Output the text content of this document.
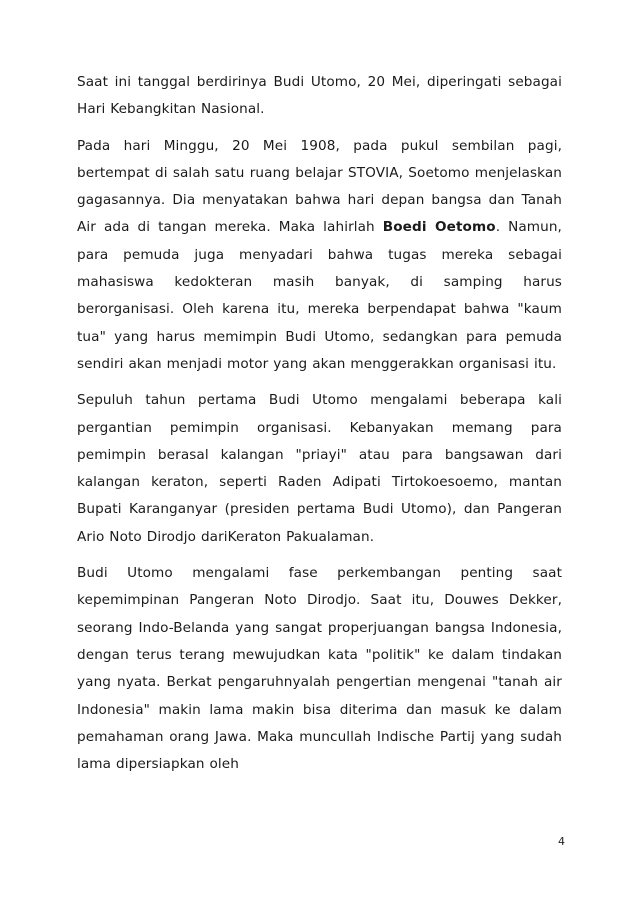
Saat ini tanggal berdirinya Budi Utomo, 20 Mei, diperingati sebagai Hari Kebangkitan Nasional.

Pada hari Minggu, 20 Mei 1908, pada pukul sembilan pagi, bertempat di salah satu ruang belajar STOVIA, Soetomo menjelaskan gagasannya. Dia menyatakan bahwa hari depan bangsa dan Tanah Air ada di tangan mereka. Maka lahirlah Boedi Oetomo. Namun, para pemuda juga menyadari bahwa tugas mereka sebagai mahasiswa kedokteran masih banyak, di samping harus berorganisasi. Oleh karena itu, mereka berpendapat bahwa "kaum tua" yang harus memimpin Budi Utomo, sedangkan para pemuda sendiri akan menjadi motor yang akan menggerakkan organisasi itu.

Sepuluh tahun pertama Budi Utomo mengalami beberapa kali pergantian pemimpin organisasi. Kebanyakan memang para pemimpin berasal kalangan "priayi" atau para bangsawan dari kalangan keraton, seperti Raden Adipati Tirtokoesoemo, mantan Bupati Karanganyar (presiden pertama Budi Utomo), dan Pangeran Ario Noto Dirodjo dariKeraton Pakualaman.

Budi Utomo mengalami fase perkembangan penting saat kepemimpinan Pangeran Noto Dirodjo. Saat itu, Douwes Dekker, seorang Indo-Belanda yang sangat properjuangan bangsa Indonesia, dengan terus terang mewujudkan kata "politik" ke dalam tindakan yang nyata. Berkat pengaruhnyalah pengertian mengenai "tanah air Indonesia" makin lama makin bisa diterima dan masuk ke dalam pemahaman orang Jawa. Maka muncullah Indische Partij yang sudah lama dipersiapkan oleh

4
